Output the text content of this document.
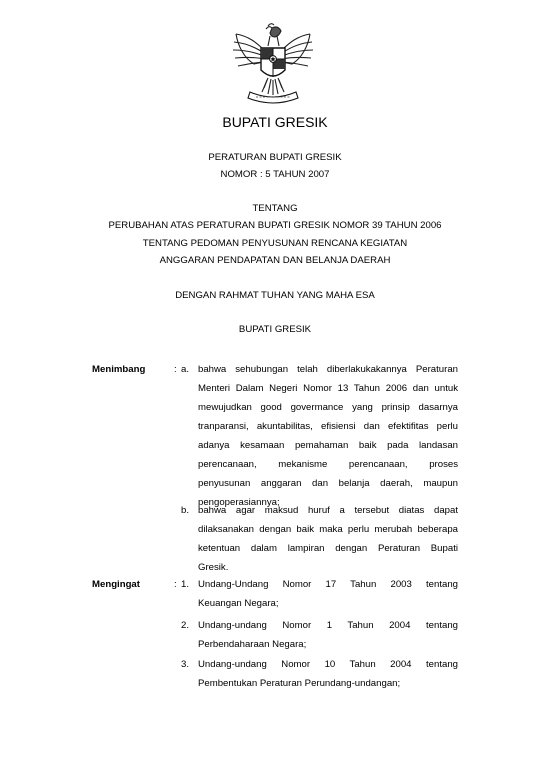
BUPATI GRESIK
PERATURAN BUPATI GRESIK
NOMOR : 5 TAHUN 2007
TENTANG
PERUBAHAN ATAS PERATURAN BUPATI GRESIK NOMOR 39 TAHUN 2006
TENTANG PEDOMAN PENYUSUNAN RENCANA KEGIATAN
ANGGARAN PENDAPATAN DAN BELANJA DAERAH
DENGAN RAHMAT TUHAN YANG MAHA ESA
BUPATI GRESIK
Menimbang	: a. bahwa sehubungan telah diberlakukakannya Peraturan
Menteri Dalam Negeri Nomor 13 Tahun 2006 dan untuk
mewujudkan good govermance yang prinsip dasarnya
tranparansi, akuntabilitas, efisiensi dan efektifitas perlu
adanya kesamaan pemahaman baik pada landasan
perencanaan, mekanisme perencanaan, proses
penyusunan anggaran dan belanja daerah, maupun
pengoperasiannya;
b. bahwa agar maksud huruf a tersebut diatas dapat
dilaksanakan dengan baik maka perlu merubah beberapa
ketentuan dalam lampiran dengan Peraturan Bupati
Gresik.
Mengingat	: 1. Undang-Undang Nomor 17 Tahun 2003 tentang
Keuangan Negara;
2. Undang-undang Nomor 1 Tahun 2004 tentang
Perbendaharaan Negara;
3. Undang-undang Nomor 10 Tahun 2004 tentang
Pembentukan Peraturan Perundang-undangan;
